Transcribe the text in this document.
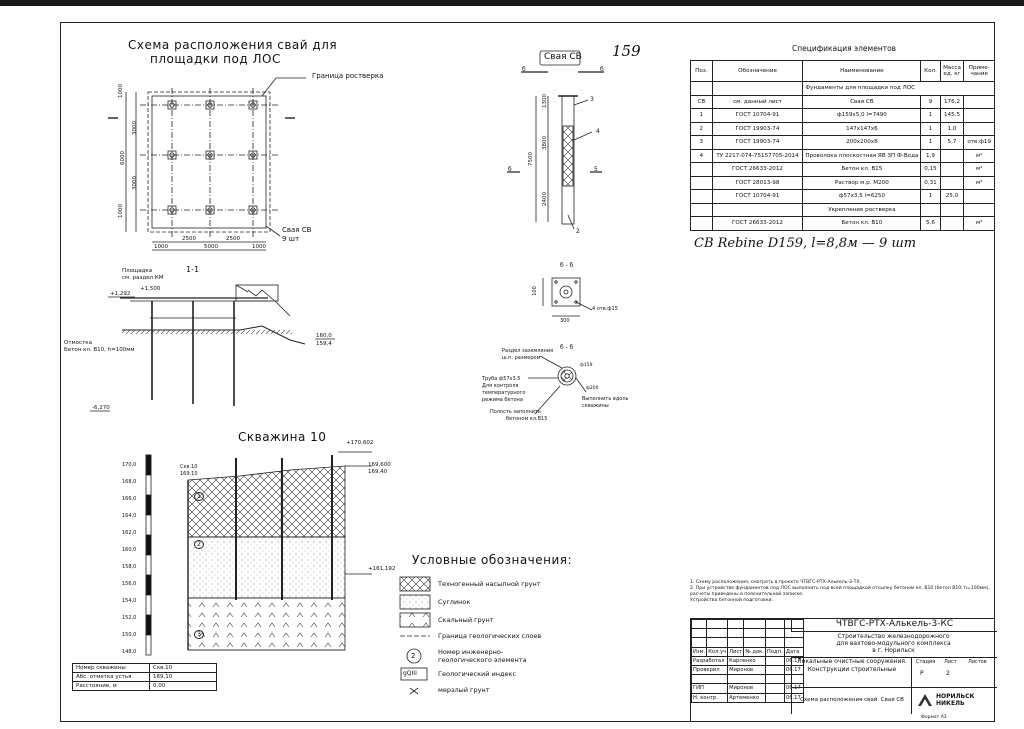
Схема расположения свай для
площадки под ЛОС
Граница ростверка
Свая СВ
9 шт
1000
3000
6000
3000
1000
1000
2500
5000
2500
1000
1-1
Площадка
см. раздел КМ
+1,292
+1,500
Отмостка
Бетон кл. В10, h=100мм
160,0
159,4
-6,270
Свая СВ 159
б	б
1300
3800
2400
7500
3
4
5
2
б
б - б
100
300
4 отв.ф15
б - б
Раздел заземления
ш.п. размером
Труба ф57x3.5
Для контроля
температурного
режима бетона
Полость заполнить
бетоном кл.В15
Выполнить вдоль
скважины
ф159
ф200
Спецификация элементов
Поз.	Обозначение	Наименование	Кол.	Масса ед. кг	Приме-чание
		Фундаменты для площадки под ЛОС			
СВ	см. данный лист	Свая СВ	9	176,2	
1	ГОСТ 10704-91	ф159x5,0 l=7490	1	145,5	
2	ГОСТ 19903-74	147x147x6	1	1,0	
3	ГОСТ 19903-74	200x200x8	1	5,7	отв.ф19
4	ТУ 2217-074-75157705-2014	Проволока плоскостная ЯВ ЗП Ф-Вода	1,9		м²
	ГОСТ 26633-2012	Бетон кл. В15	0,15		м³
	ГОСТ 28013-98	Раствор м.р. М200	0,31		м³
	ГОСТ 10704-91	ф57x3,5 l=6250	1	25,0	
		Укрепление ростверка			
	ГОСТ 26633-2012	Бетон кл. В10	5,6		м³
СВ Rebine D159, l=8,8м — 9 шт
Скважина 10
170,0
168,0
166,0
164,0
162,0
160,0
158,0
156,0
154,0
152,0
150,0
148,0
Скв.10
169,10
+170,602
169,600
169,40
+161,192
1
2
3
Номер скважины	Скв.10
Абс. отметка устья	169,10
Расстояние, м	0,00
Условные обозначения:
Техногенный насыпной грунт
Суглинок
Скальный грунт
Граница геологических слоев
Номер инженерно-геологического элемента
Геологический индекс
мерзлый грунт
2
gQIII
1. Схему расположения, смотреть в проекте ЧТВГС-РТХ-Алькель-3-ТХ.
2. При устройстве фундаментов под ЛОС выполнить под всей площадкой отсыпку бетоном кл. В10 (бетон В10, h=100мм), расчеты приведены в пояснительной записке.
Устройство бетонной подготовки.

Изм.	Кол.уч	Лист	№ док.	Подп.	Дата
Разработал		Карпенко			06.17
Проверил		Миронов			06.17

ГИП		Миронов			06.17
Н. контр.		Артеменко			06.17
ЧТВГС-РТХ-Алькель-3-КС
Строительство железнодорожного
для вахтово-модульного комплекса
в г. Норильск
Локальные очистные сооружения.
Конструкции строительные
Стадия Лист Листов
Р	2
Схема расположения свай. Свая СВ	НОРИЛЬСК НИКЕЛЬ
Формат А3
